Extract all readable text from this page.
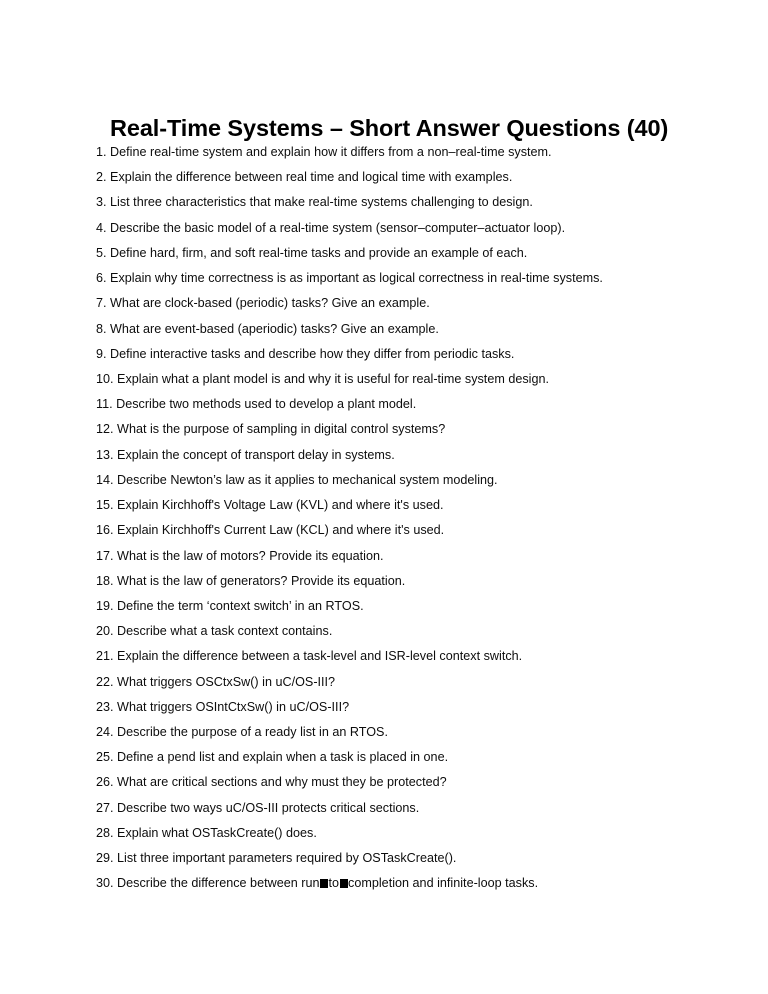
Real-Time Systems – Short Answer Questions (40)
1. Define real-time system and explain how it differs from a non–real-time system.
2. Explain the difference between real time and logical time with examples.
3. List three characteristics that make real-time systems challenging to design.
4. Describe the basic model of a real-time system (sensor–computer–actuator loop).
5. Define hard, firm, and soft real-time tasks and provide an example of each.
6. Explain why time correctness is as important as logical correctness in real-time systems.
7. What are clock-based (periodic) tasks? Give an example.
8. What are event-based (aperiodic) tasks? Give an example.
9. Define interactive tasks and describe how they differ from periodic tasks.
10. Explain what a plant model is and why it is useful for real-time system design.
11. Describe two methods used to develop a plant model.
12. What is the purpose of sampling in digital control systems?
13. Explain the concept of transport delay in systems.
14. Describe Newton’s law as it applies to mechanical system modeling.
15. Explain Kirchhoff's Voltage Law (KVL) and where it's used.
16. Explain Kirchhoff's Current Law (KCL) and where it's used.
17. What is the law of motors? Provide its equation.
18. What is the law of generators? Provide its equation.
19. Define the term ‘context switch’ in an RTOS.
20. Describe what a task context contains.
21. Explain the difference between a task-level and ISR-level context switch.
22. What triggers OSCtxSw() in uC/OS-III?
23. What triggers OSIntCtxSw() in uC/OS-III?
24. Describe the purpose of a ready list in an RTOS.
25. Define a pend list and explain when a task is placed in one.
26. What are critical sections and why must they be protected?
27. Describe two ways uC/OS-III protects critical sections.
28. Explain what OSTaskCreate() does.
29. List three important parameters required by OSTaskCreate().
30. Describe the difference between run to completion and infinite-loop tasks.
